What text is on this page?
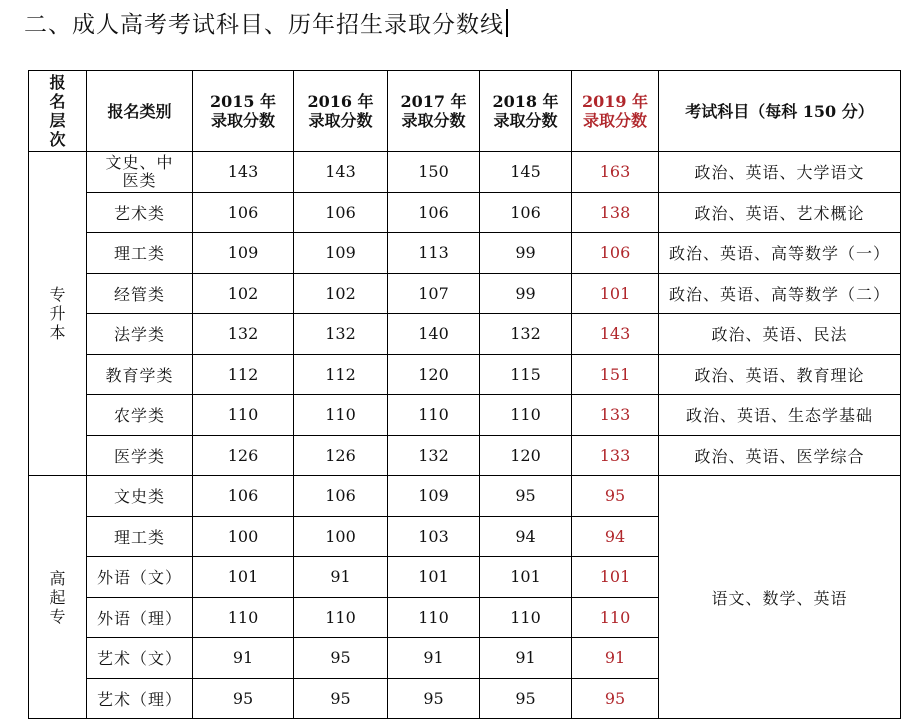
二、成人高考考试科目、历年招生录取分数线
报名层次	报名类别	2015 年录取分数	2016 年录取分数	2017 年录取分数	2018 年录取分数	2019 年录取分数	考试科目（每科 150 分）
专升本	文史、中医类	143	143	150	145	163	政治、英语、大学语文
	艺术类	106	106	106	106	138	政治、英语、艺术概论
	理工类	109	109	113	99	106	政治、英语、高等数学（一）
	经管类	102	102	107	99	101	政治、英语、高等数学（二）
	法学类	132	132	140	132	143	政治、英语、民法
	教育学类	112	112	120	115	151	政治、英语、教育理论
	农学类	110	110	110	110	133	政治、英语、生态学基础
	医学类	126	126	132	120	133	政治、英语、医学综合
高起专	文史类	106	106	109	95	95	语文、数学、英语
	理工类	100	100	103	94	94	
	外语（文）	101	91	101	101	101	
	外语（理）	110	110	110	110	110	
	艺术（文）	91	95	91	91	91	
	艺术（理）	95	95	95	95	95	
